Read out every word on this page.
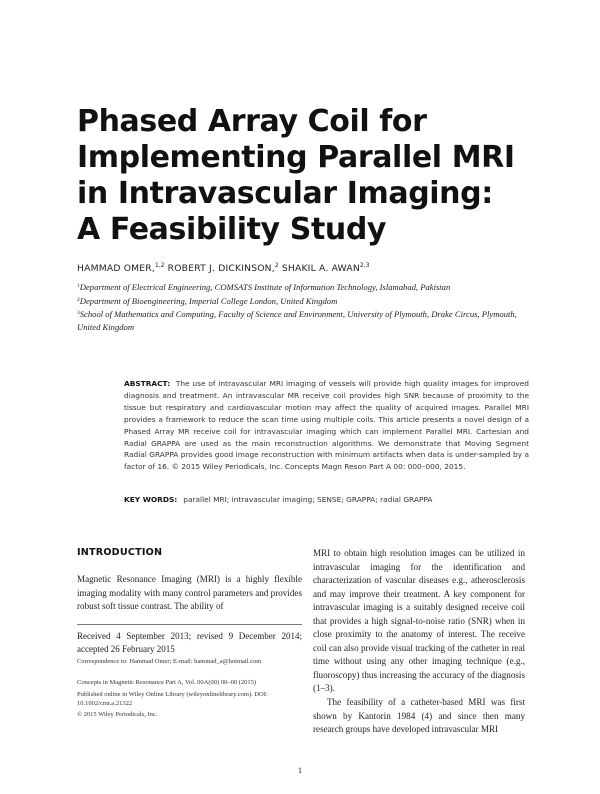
Phased Array Coil for
Implementing Parallel MRI
in Intravascular Imaging:
A Feasibility Study
HAMMAD OMER,$^{1,2}$ ROBERT J. DICKINSON,$^2$ SHAKIL A. AWAN$^{2,3}$
$^1$Department of Electrical Engineering, COMSATS Institute of Information Technology, Islamabad, Pakistan
$^2$Department of Bioengineering, Imperial College London, United Kingdom
$^3$School of Mathematics and Computing, Faculty of Science and Environment, University of Plymouth, Drake Circus, Plymouth, United Kingdom
ABSTRACT: The use of intravascular MRI imaging of vessels will provide high quality images for improved diagnosis and treatment. An intravascular MR receive coil provides high SNR because of proximity to the tissue but respiratory and cardiovascular motion may affect the quality of acquired images. Parallel MRI provides a framework to reduce the scan time using multiple coils. This article presents a novel design of a Phased Array MR receive coil for intravascular imaging which can implement Parallel MRI. Cartesian and Radial GRAPPA are used as the main reconstruction algorithms. We demonstrate that Moving Segment Radial GRAPPA provides good image reconstruction with minimum artifacts when data is under-sampled by a factor of 16. © 2015 Wiley Periodicals, Inc. Concepts Magn Reson Part A 00: 000–000, 2015.
KEY WORDS: parallel MRI; intravascular imaging; SENSE; GRAPPA; radial GRAPPA
INTRODUCTION
Magnetic Resonance Imaging (MRI) is a highly flexible imaging modality with many control parameters and provides robust soft tissue contrast. The ability of
Received 4 September 2013; revised 9 December 2014; accepted 26 February 2015
Correspondence to: Hammad Omer; E-mail: hammad_a@hotmail.com
Concepts in Magnetic Resonance Part A, Vol. 00A(00) 00–00 (2015)
Published online in Wiley Online Library (wileyonlinelibrary.com). DOI: 10.1002/cmr.a.21322
© 2015 Wiley Periodicals, Inc.

MRI to obtain high resolution images can be utilized in intravascular imaging for the identification and characterization of vascular diseases e.g., atherosclerosis and may improve their treatment. A key component for intravascular imaging is a suitably designed receive coil that provides a high signal-to-noise ratio (SNR) when in close proximity to the anatomy of interest. The receive coil can also provide visual tracking of the catheter in real time without using any other imaging technique (e.g., fluoroscopy) thus increasing the accuracy of the diagnosis (1–3).

The feasibility of a catheter-based MRI was first shown by Kantorin 1984 (4) and since then many research groups have developed intravascular MRI

1
